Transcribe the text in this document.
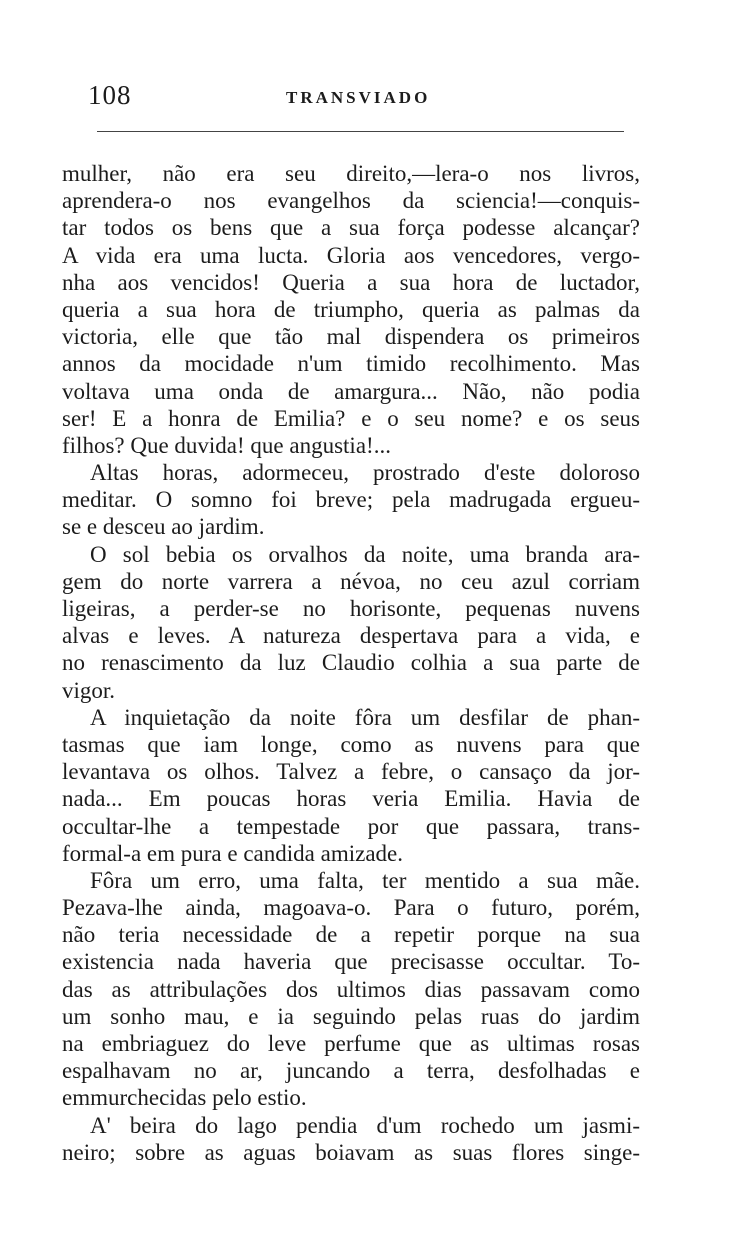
108	TRANSVIADO
mulher, não era seu direito,—lera-o nos livros,
aprendera-o nos evangelhos da sciencia!—conquis-
tar todos os bens que a sua força podesse alcançar?
A vida era uma lucta. Gloria aos vencedores, vergo-
nha aos vencidos! Queria a sua hora de luctador,
queria a sua hora de triumpho, queria as palmas da
victoria, elle que tão mal dispendera os primeiros
annos da mocidade n'um timido recolhimento. Mas
voltava uma onda de amargura... Não, não podia
ser! E a honra de Emilia? e o seu nome? e os seus
filhos? Que duvida! que angustia!...
Altas horas, adormeceu, prostrado d'este doloroso
meditar. O somno foi breve; pela madrugada ergueu-
se e desceu ao jardim.
O sol bebia os orvalhos da noite, uma branda ara-
gem do norte varrera a névoa, no ceu azul corriam
ligeiras, a perder-se no horisonte, pequenas nuvens
alvas e leves. A natureza despertava para a vida, e
no renascimento da luz Claudio colhia a sua parte de
vigor.
A inquietação da noite fôra um desfilar de phan-
tasmas que iam longe, como as nuvens para que
levantava os olhos. Talvez a febre, o cansaço da jor-
nada... Em poucas horas veria Emilia. Havia de
occultar-lhe a tempestade por que passara, trans-
formal-a em pura e candida amizade.
Fôra um erro, uma falta, ter mentido a sua mãe.
Pezava-lhe ainda, magoava-o. Para o futuro, porém,
não teria necessidade de a repetir porque na sua
existencia nada haveria que precisasse occultar. To-
das as attribulações dos ultimos dias passavam como
um sonho mau, e ia seguindo pelas ruas do jardim
na embriaguez do leve perfume que as ultimas rosas
espalhavam no ar, juncando a terra, desfolhadas e
emmurchecidas pelo estio.
A' beira do lago pendia d'um rochedo um jasmi-
neiro; sobre as aguas boiavam as suas flores singe-
